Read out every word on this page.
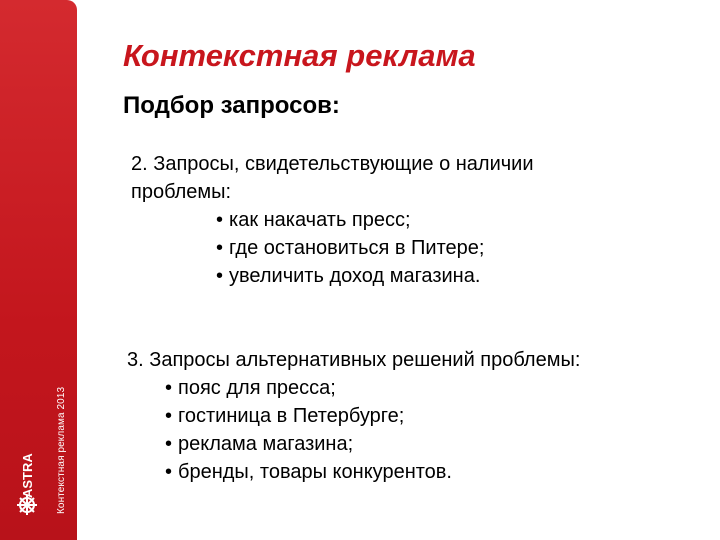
Контекстная реклама 2013
ASTRA
Контекстная реклама
Подбор запросов:
2. Запросы, свидетельствующие о наличии
проблемы:
• как накачать пресс;
• где остановиться в Питере;
• увеличить доход магазина.
3. Запросы альтернативных решений проблемы:
• пояс для пресса;
• гостиница в Петербурге;
• реклама магазина;
• бренды, товары конкурентов.
